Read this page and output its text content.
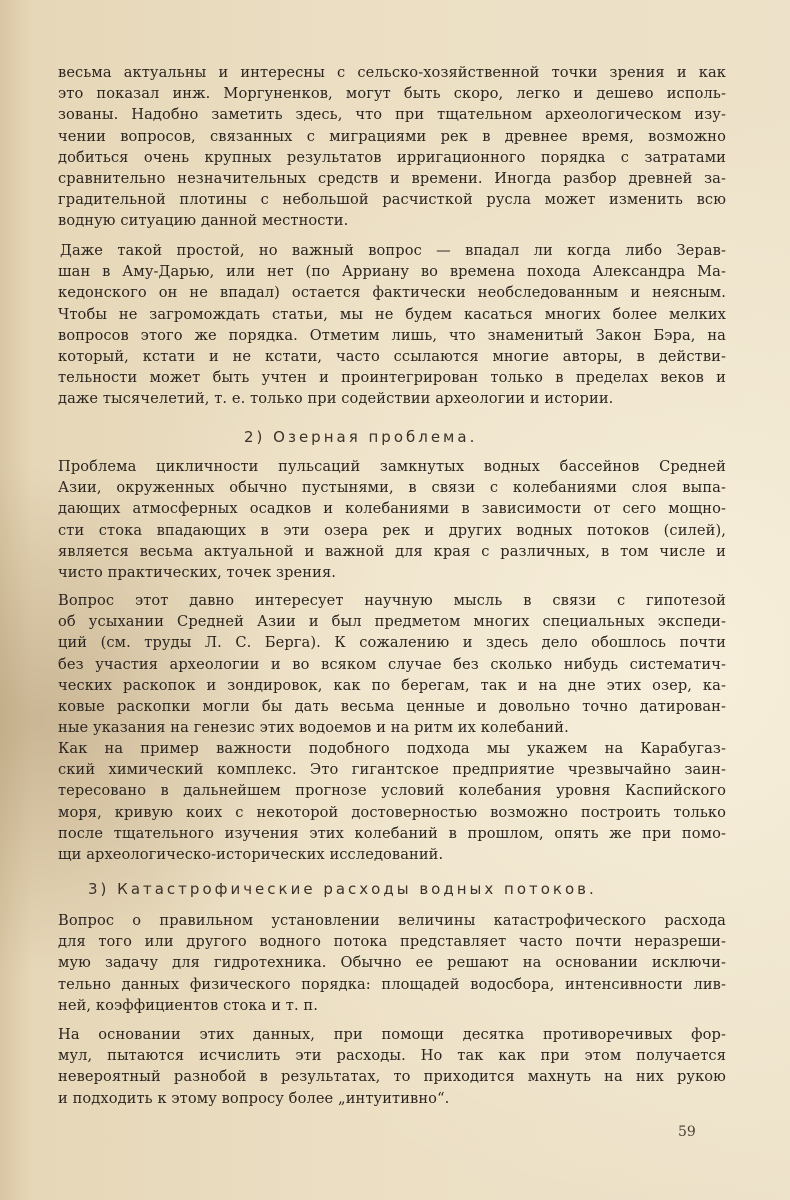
весьма актуальны и интересны с сельско-хозяйственной точки зрения и как
это показал инж. Моргуненков, могут быть скоро, легко и дешево исполь-
зованы. Надобно заметить здесь, что при тщательном археологическом изу-
чении вопросов, связанных с миграциями рек в древнее время, возможно
добиться очень крупных результатов ирригационного порядка с затратами
сравнительно незначительных средств и времени. Иногда разбор древней за-
градительной плотины с небольшой расчисткой русла может изменить всю
водную ситуацию данной местности.
Даже такой простой, но важный вопрос — впадал ли когда либо Зерав-
шан в Аму-Дарью, или нет (по Арриану во времена похода Александра Ма-
кедонского он не впадал) остается фактически необследованным и неясным.
Чтобы не загромождать статьи, мы не будем касаться многих более мелких
вопросов этого же порядка. Отметим лишь, что знаменитый Закон Бэра, на
который, кстати и не кстати, часто ссылаются многие авторы, в действи-
тельности может быть учтен и проинтегрирован только в пределах веков и
даже тысячелетий, т. е. только при содействии археологии и истории.
2) Озерная проблема.
Проблема цикличности пульсаций замкнутых водных бассейнов Средней
Азии, окруженных обычно пустынями, в связи с колебаниями слоя выпа-
дающих атмосферных осадков и колебаниями в зависимости от сего мощно-
сти стока впадающих в эти озера рек и других водных потоков (силей),
является весьма актуальной и важной для края с различных, в том числе и
чисто практических, точек зрения.
Вопрос этот давно интересует научную мысль в связи с гипотезой
об усыхании Средней Азии и был предметом многих специальных экспеди-
ций (см. труды Л. С. Берга). К сожалению и здесь дело обошлось почти
без участия археологии и во всяком случае без сколько нибудь систематич-
ческих раскопок и зондировок, как по берегам, так и на дне этих озер, ка-
ковые раскопки могли бы дать весьма ценные и довольно точно датирован-
ные указания на генезис этих водоемов и на ритм их колебаний.
Как на пример важности подобного подхода мы укажем на Карабугаз-
ский химический комплекс. Это гигантское предприятие чрезвычайно заин-
тересовано в дальнейшем прогнозе условий колебания уровня Каспийского
моря, кривую коих с некоторой достоверностью возможно построить только
после тщательного изучения этих колебаний в прошлом, опять же при помо-
щи археологическо-исторических исследований.
3) Катастрофические расходы водных потоков.
Вопрос о правильном установлении величины катастрофического расхода
для того или другого водного потока представляет часто почти неразреши-
мую задачу для гидротехника. Обычно ее решают на основании исключи-
тельно данных физического порядка: площадей водосбора, интенсивности лив-
ней, коэффициентов стока и т. п.
На основании этих данных, при помощи десятка противоречивых фор-
мул, пытаются исчислить эти расходы. Но так как при этом получается
невероятный разнобой в результатах, то приходится махнуть на них рукою
и подходить к этому вопросу более „интуитивно“.
59
